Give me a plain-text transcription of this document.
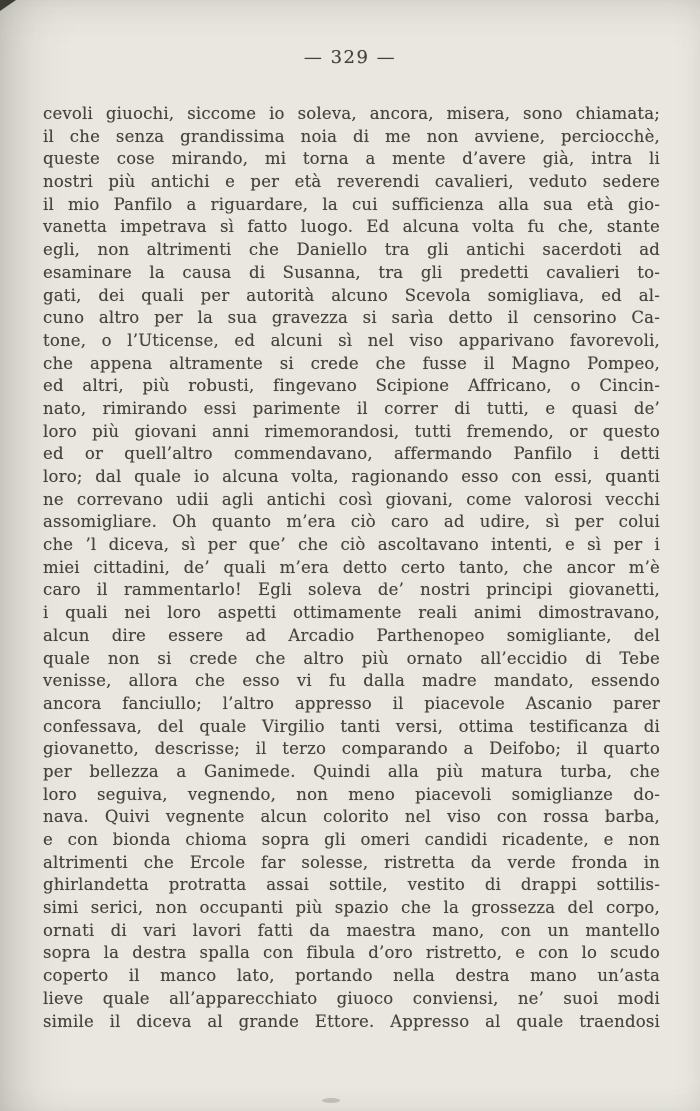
— 329 —
cevoli giuochi, siccome io soleva, ancora, misera, sono chiamata;
il che senza grandissima noia di me non avviene, perciocchè,
queste cose mirando, mi torna a mente d’avere già, intra li
nostri più antichi e per età reverendi cavalieri, veduto sedere
il mio Panfilo a riguardare, la cui sufficienza alla sua età gio-
vanetta impetrava sì fatto luogo. Ed alcuna volta fu che, stante
egli, non altrimenti che Daniello tra gli antichi sacerdoti ad
esaminare la causa di Susanna, tra gli predetti cavalieri to-
gati, dei quali per autorità alcuno Scevola somigliava, ed al-
cuno altro per la sua gravezza si sarìa detto il censorino Ca-
tone, o l’Uticense, ed alcuni sì nel viso apparivano favorevoli,
che appena altramente si crede che fusse il Magno Pompeo,
ed altri, più robusti, fingevano Scipione Affricano, o Cincin-
nato, rimirando essi parimente il correr di tutti, e quasi de’
loro più giovani anni rimemorandosi, tutti fremendo, or questo
ed or quell’altro commendavano, affermando Panfilo i detti
loro; dal quale io alcuna volta, ragionando esso con essi, quanti
ne correvano udii agli antichi così giovani, come valorosi vecchi
assomigliare. Oh quanto m’era ciò caro ad udire, sì per colui
che ’l diceva, sì per que’ che ciò ascoltavano intenti, e sì per i
miei cittadini, de’ quali m’era detto certo tanto, che ancor m’è
caro il rammentarlo! Egli soleva de’ nostri principi giovanetti,
i quali nei loro aspetti ottimamente reali animi dimostravano,
alcun dire essere ad Arcadio Parthenopeo somigliante, del
quale non si crede che altro più ornato all’eccidio di Tebe
venisse, allora che esso vi fu dalla madre mandato, essendo
ancora fanciullo; l’altro appresso il piacevole Ascanio parer
confessava, del quale Virgilio tanti versi, ottima testificanza di
giovanetto, descrisse; il terzo comparando a Deifobo; il quarto
per bellezza a Ganimede. Quindi alla più matura turba, che
loro seguiva, vegnendo, non meno piacevoli somiglianze do-
nava. Quivi vegnente alcun colorito nel viso con rossa barba,
e con bionda chioma sopra gli omeri candidi ricadente, e non
altrimenti che Ercole far solesse, ristretta da verde fronda in
ghirlandetta protratta assai sottile, vestito di drappi sottilis-
simi serici, non occupanti più spazio che la grossezza del corpo,
ornati di vari lavori fatti da maestra mano, con un mantello
sopra la destra spalla con fibula d’oro ristretto, e con lo scudo
coperto il manco lato, portando nella destra mano un’asta
lieve quale all’apparecchiato giuoco conviensi, ne’ suoi modi
simile il diceva al grande Ettore. Appresso al quale traendosi
